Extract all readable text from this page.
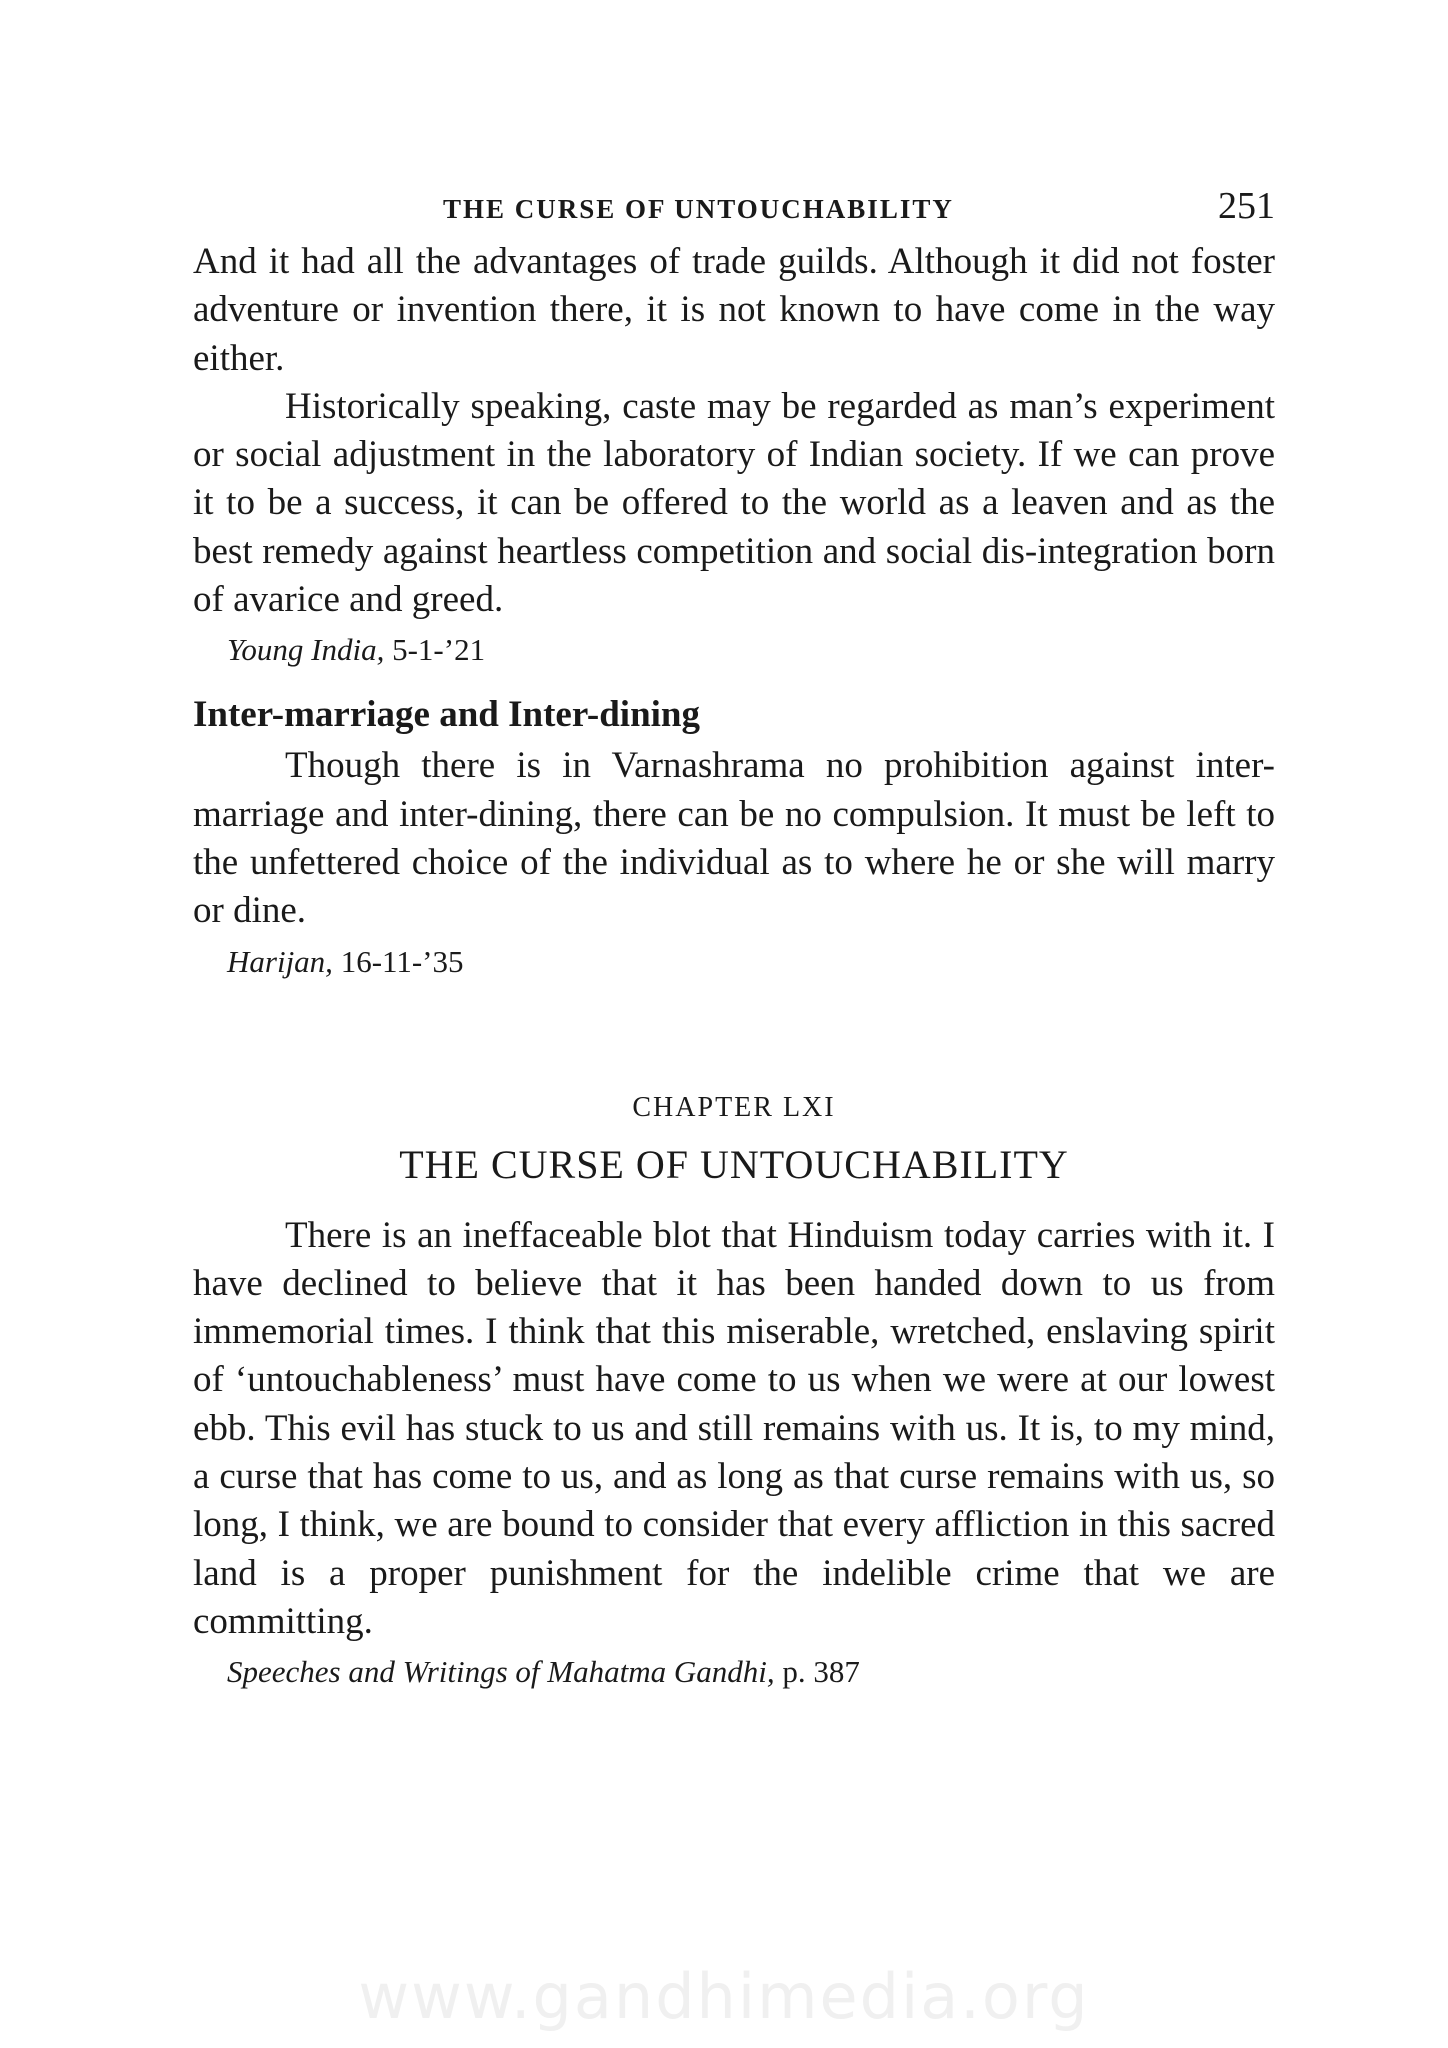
THE CURSE OF UNTOUCHABILITY	251

And it had all the advantages of trade guilds. Although it did not foster adventure or invention there, it is not known to have come in the way either.

Historically speaking, caste may be regarded as man’s experiment or social adjustment in the laboratory of Indian society. If we can prove it to be a success, it can be offered to the world as a leaven and as the best remedy against heartless competition and social dis-integration born of avarice and greed.

Young India, 5-1-’21
Inter-marriage and Inter-dining

Though there is in Varnashrama no prohibition against inter-marriage and inter-dining, there can be no compulsion. It must be left to the unfettered choice of the individual as to where he or she will marry or dine.

Harijan, 16-11-’35
CHAPTER LXI
THE CURSE OF UNTOUCHABILITY

There is an ineffaceable blot that Hinduism today carries with it. I have declined to believe that it has been handed down to us from immemorial times. I think that this miserable, wretched, enslaving spirit of ‘untouchableness’ must have come to us when we were at our lowest ebb. This evil has stuck to us and still remains with us. It is, to my mind, a curse that has come to us, and as long as that curse remains with us, so long, I think, we are bound to consider that every affliction in this sacred land is a proper punishment for the indelible crime that we are committing.

Speeches and Writings of Mahatma Gandhi, p. 387
www.gandhimedia.org
